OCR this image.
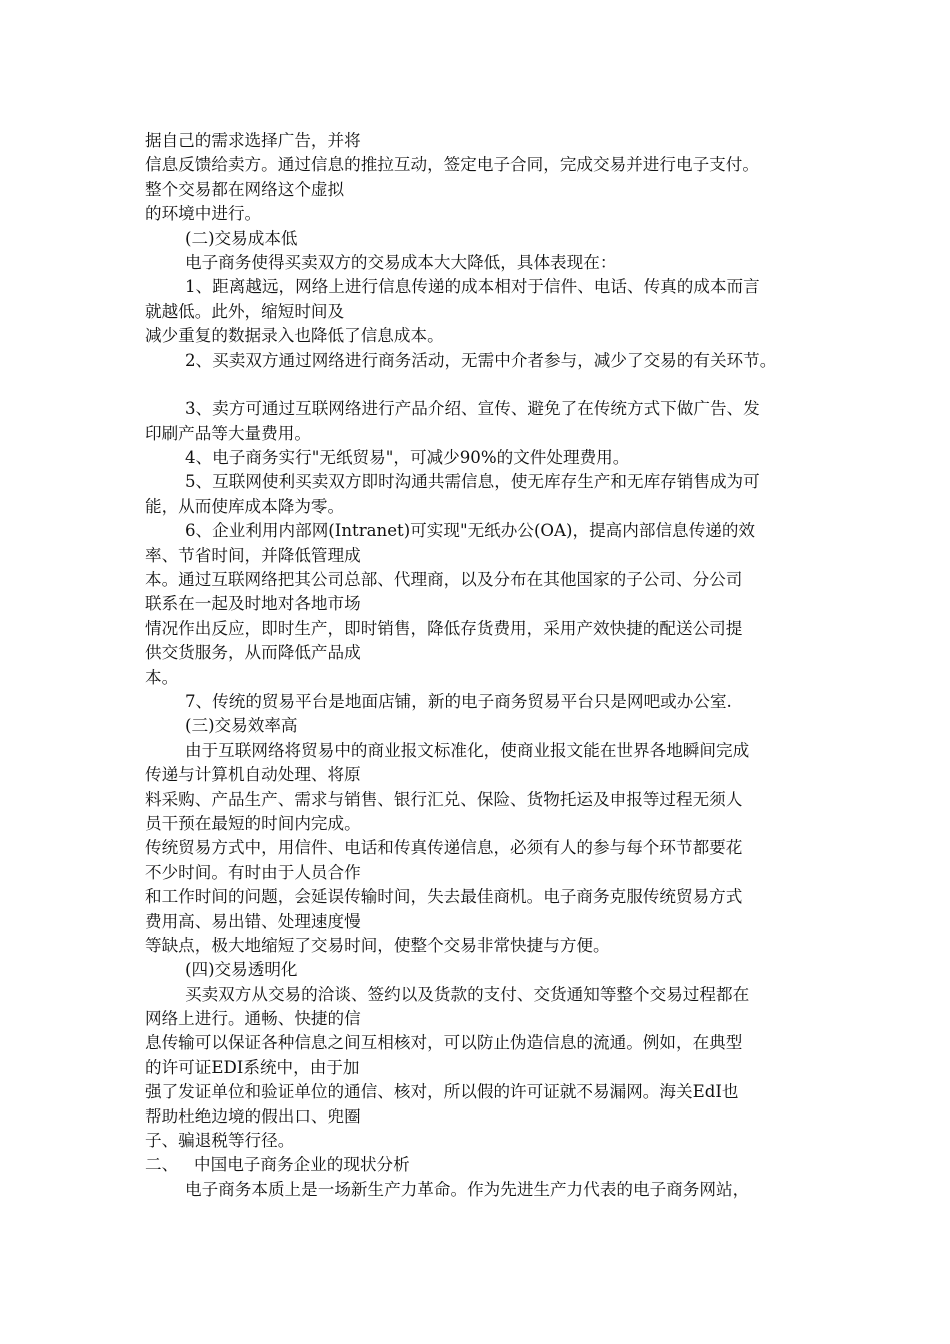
据自己的需求选择广告，并将
信息反馈给卖方。通过信息的推拉互动，签定电子合同，完成交易并进行电子支付。
整个交易都在网络这个虚拟
的环境中进行。
(二)交易成本低
电子商务使得买卖双方的交易成本大大降低，具体表现在：
1、距离越远，网络上进行信息传递的成本相对于信件、电话、传真的成本而言
就越低。此外，缩短时间及
减少重复的数据录入也降低了信息成本。
2、买卖双方通过网络进行商务活动，无需中介者参与，减少了交易的有关环节。
3、卖方可通过互联网络进行产品介绍、宣传、避免了在传统方式下做广告、发
印刷产品等大量费用。
4、电子商务实行"无纸贸易"，可减少90%的文件处理费用。
5、互联网使利买卖双方即时沟通共需信息，使无库存生产和无库存销售成为可
能，从而使库成本降为零。
6、企业利用内部网(Intranet)可实现"无纸办公(OA)，提高内部信息传递的效
率、节省时间，并降低管理成
本。通过互联网络把其公司总部、代理商，以及分布在其他国家的子公司、分公司
联系在一起及时地对各地市场
情况作出反应，即时生产，即时销售，降低存货费用，采用产效快捷的配送公司提
供交货服务，从而降低产品成
本。
7、传统的贸易平台是地面店铺，新的电子商务贸易平台只是网吧或办公室.
(三)交易效率高
由于互联网络将贸易中的商业报文标准化，使商业报文能在世界各地瞬间完成
传递与计算机自动处理、将原
料采购、产品生产、需求与销售、银行汇兑、保险、货物托运及申报等过程无须人
员干预在最短的时间内完成。
传统贸易方式中，用信件、电话和传真传递信息，必须有人的参与每个环节都要花
不少时间。有时由于人员合作
和工作时间的问题，会延误传输时间，失去最佳商机。电子商务克服传统贸易方式
费用高、易出错、处理速度慢
等缺点，极大地缩短了交易时间，使整个交易非常快捷与方便。
(四)交易透明化
买卖双方从交易的洽谈、签约以及货款的支付、交货通知等整个交易过程都在
网络上进行。通畅、快捷的信
息传输可以保证各种信息之间互相核对，可以防止伪造信息的流通。例如，在典型
的许可证EDI系统中，由于加
强了发证单位和验证单位的通信、核对，所以假的许可证就不易漏网。海关EdI也
帮助杜绝边境的假出口、兜圈
子、骗退税等行径。
二、   中国电子商务企业的现状分析
电子商务本质上是一场新生产力革命。作为先进生产力代表的电子商务网站，
